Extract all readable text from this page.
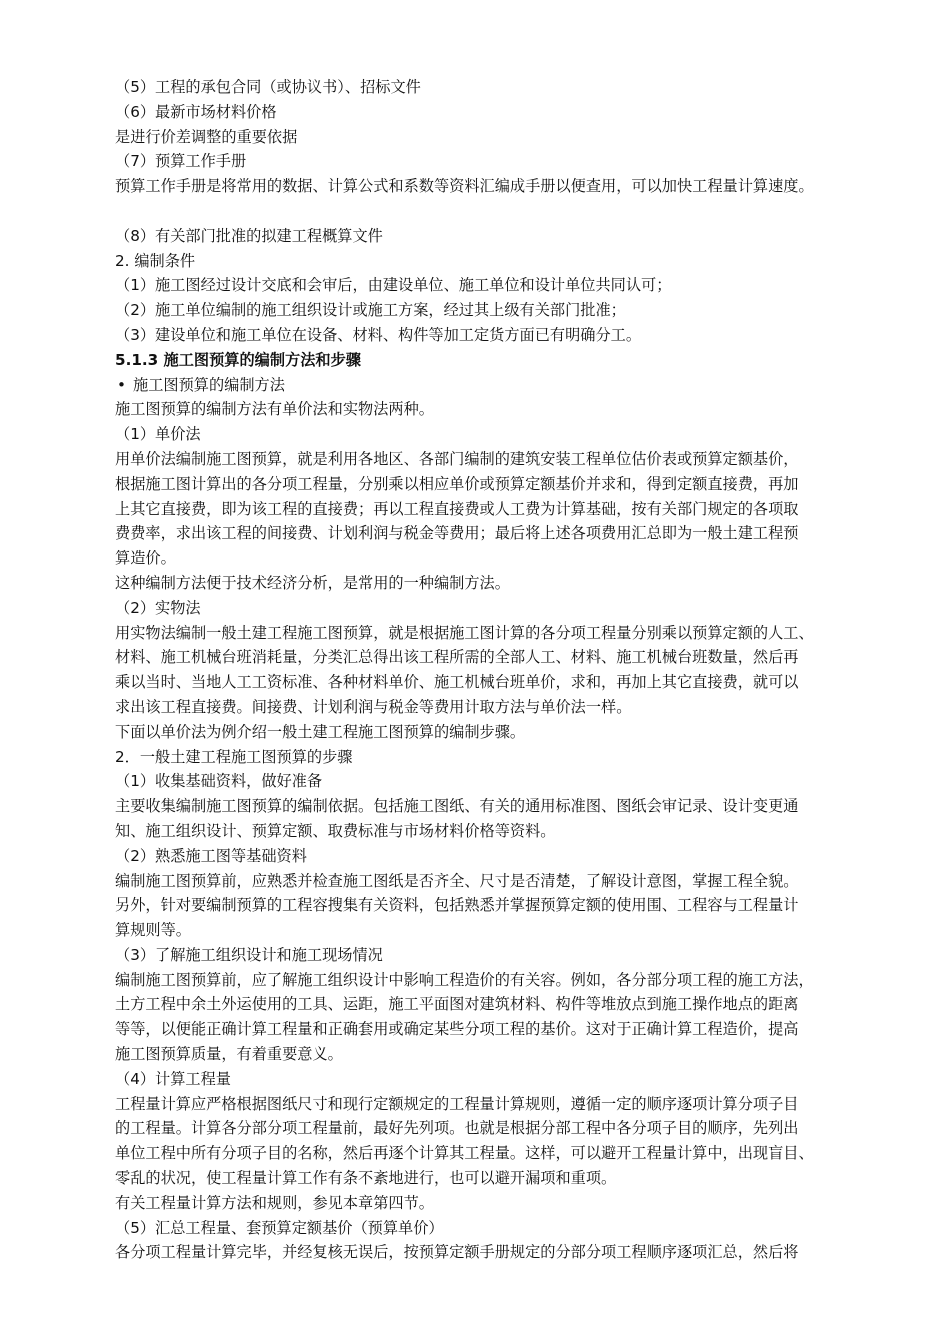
（5）工程的承包合同（或协议书）、招标文件
（6）最新市场材料价格
是进行价差调整的重要依据
（7）预算工作手册
预算工作手册是将常用的数据、计算公式和系数等资料汇编成手册以便查用，可以加快工程量计算速度。
（8）有关部门批准的拟建工程概算文件
2. 编制条件
（1）施工图经过设计交底和会审后，由建设单位、施工单位和设计单位共同认可；
（2）施工单位编制的施工组织设计或施工方案，经过其上级有关部门批准；
（3）建设单位和施工单位在设备、材料、构件等加工定货方面已有明确分工。
5.1.3 施工图预算的编制方法和步骤
• 施工图预算的编制方法
施工图预算的编制方法有单价法和实物法两种。
（1）单价法
用单价法编制施工图预算，就是利用各地区、各部门编制的建筑安装工程单位估价表或预算定额基价，
根据施工图计算出的各分项工程量，分别乘以相应单价或预算定额基价并求和，得到定额直接费，再加
上其它直接费，即为该工程的直接费；再以工程直接费或人工费为计算基础，按有关部门规定的各项取
费费率，求出该工程的间接费、计划利润与税金等费用；最后将上述各项费用汇总即为一般土建工程预
算造价。
这种编制方法便于技术经济分析，是常用的一种编制方法。
（2）实物法
用实物法编制一般土建工程施工图预算，就是根据施工图计算的各分项工程量分别乘以预算定额的人工、
材料、施工机械台班消耗量，分类汇总得出该工程所需的全部人工、材料、施工机械台班数量，然后再
乘以当时、当地人工工资标准、各种材料单价、施工机械台班单价，求和，再加上其它直接费，就可以
求出该工程直接费。间接费、计划利润与税金等费用计取方法与单价法一样。
下面以单价法为例介绍一般土建工程施工图预算的编制步骤。
2．一般土建工程施工图预算的步骤
（1）收集基础资料，做好准备
主要收集编制施工图预算的编制依据。包括施工图纸、有关的通用标准图、图纸会审记录、设计变更通
知、施工组织设计、预算定额、取费标准与市场材料价格等资料。
（2）熟悉施工图等基础资料
编制施工图预算前，应熟悉并检查施工图纸是否齐全、尺寸是否清楚，了解设计意图，掌握工程全貌。
另外，针对要编制预算的工程容搜集有关资料，包括熟悉并掌握预算定额的使用围、工程容与工程量计
算规则等。
（3）了解施工组织设计和施工现场情况
编制施工图预算前，应了解施工组织设计中影响工程造价的有关容。例如，各分部分项工程的施工方法，
土方工程中余土外运使用的工具、运距，施工平面图对建筑材料、构件等堆放点到施工操作地点的距离
等等，以便能正确计算工程量和正确套用或确定某些分项工程的基价。这对于正确计算工程造价，提高
施工图预算质量，有着重要意义。
（4）计算工程量
工程量计算应严格根据图纸尺寸和现行定额规定的工程量计算规则，遵循一定的顺序逐项计算分项子目
的工程量。计算各分部分项工程量前，最好先列项。也就是根据分部工程中各分项子目的顺序，先列出
单位工程中所有分项子目的名称，然后再逐个计算其工程量。这样，可以避开工程量计算中，出现盲目、
零乱的状况，使工程量计算工作有条不紊地进行，也可以避开漏项和重项。
有关工程量计算方法和规则，参见本章第四节。
（5）汇总工程量、套预算定额基价（预算单价）
各分项工程量计算完毕，并经复核无误后，按预算定额手册规定的分部分项工程顺序逐项汇总，然后将
